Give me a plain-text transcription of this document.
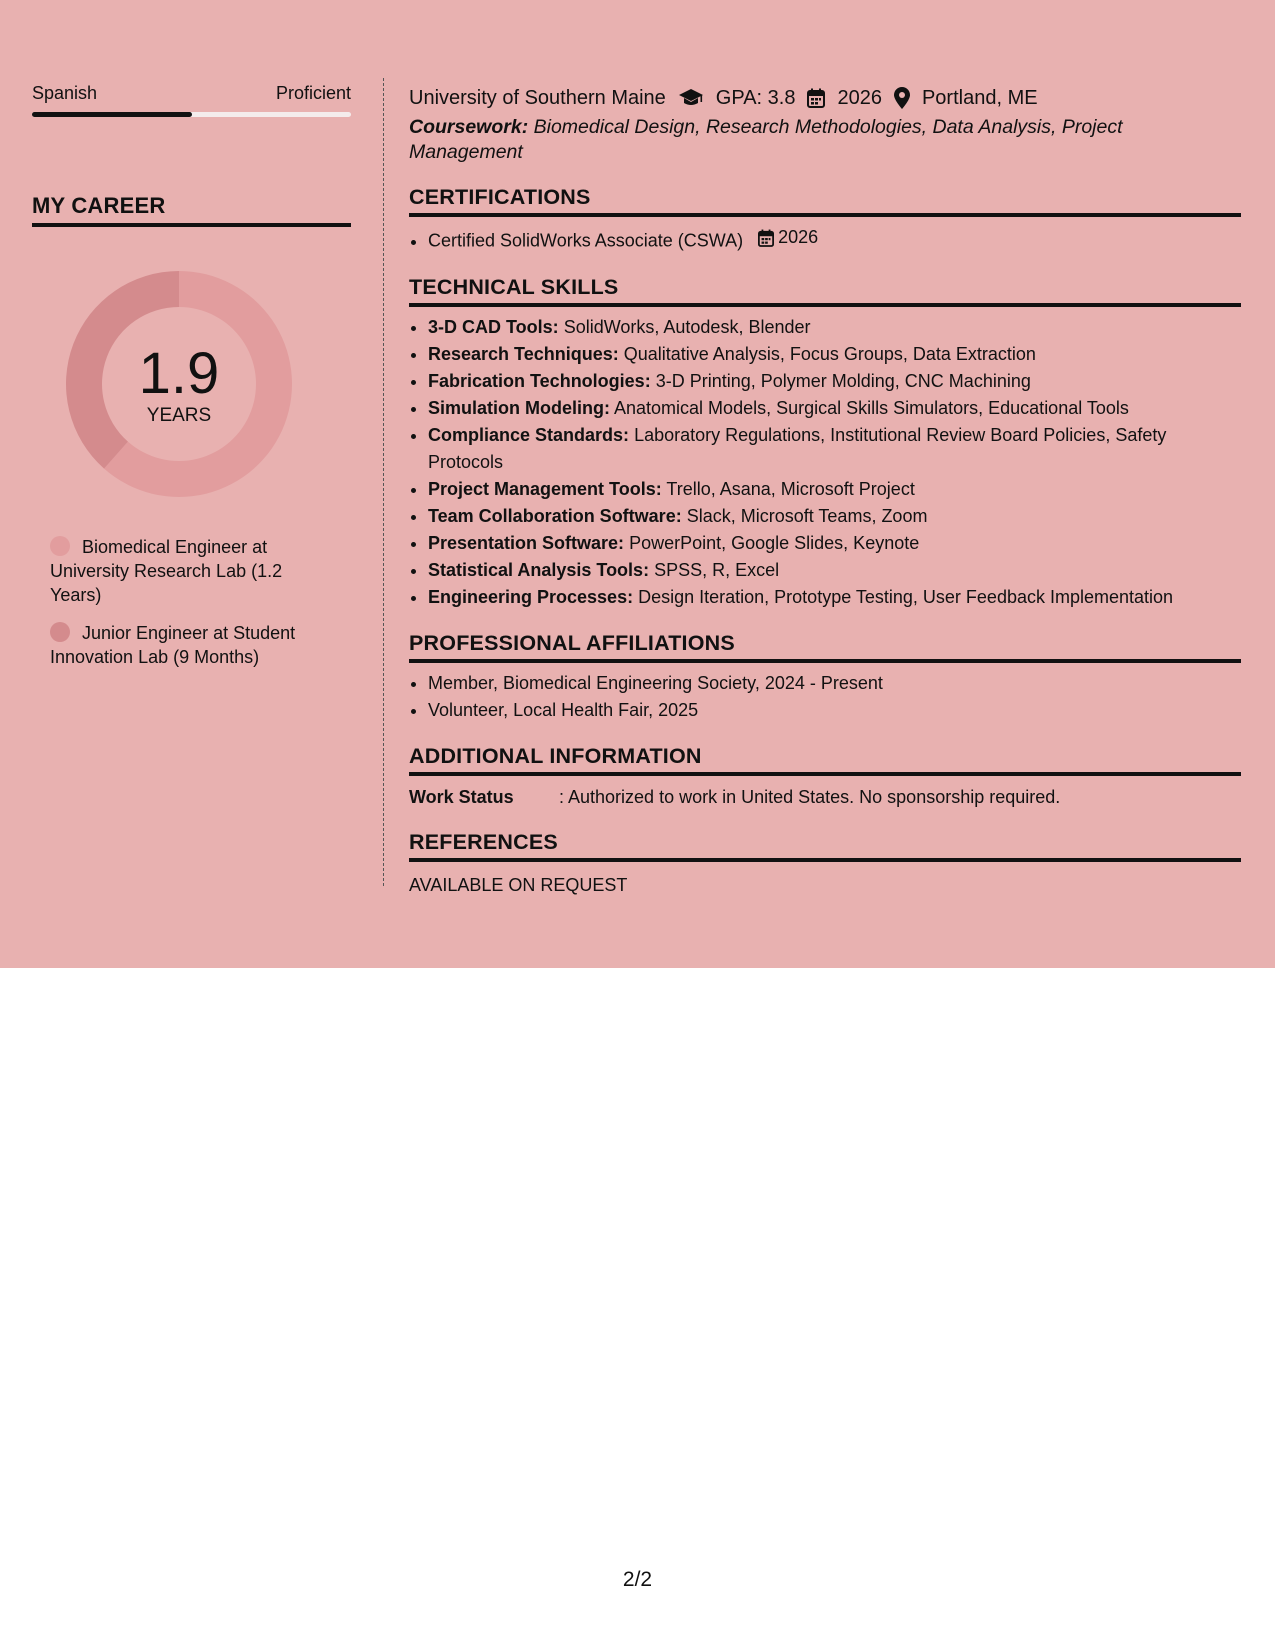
Spanish	Proficient
MY CAREER
1.9
YEARS
Biomedical Engineer at University Research Lab (1.2 Years)
Junior Engineer at Student Innovation Lab (9 Months)
University of Southern Maine	GPA: 3.8 2026 Portland, ME
Coursework: Biomedical Design, Research Methodologies, Data Analysis, Project Management
CERTIFICATIONS
• Certified SolidWorks Associate (CSWA) 2026
TECHNICAL SKILLS
• 3-D CAD Tools: SolidWorks, Autodesk, Blender
• Research Techniques: Qualitative Analysis, Focus Groups, Data Extraction
• Fabrication Technologies: 3-D Printing, Polymer Molding, CNC Machining
• Simulation Modeling: Anatomical Models, Surgical Skills Simulators, Educational Tools
• Compliance Standards: Laboratory Regulations, Institutional Review Board Policies, Safety Protocols
• Project Management Tools: Trello, Asana, Microsoft Project
• Team Collaboration Software: Slack, Microsoft Teams, Zoom
• Presentation Software: PowerPoint, Google Slides, Keynote
• Statistical Analysis Tools: SPSS, R, Excel
• Engineering Processes: Design Iteration, Prototype Testing, User Feedback Implementation
PROFESSIONAL AFFILIATIONS
• Member, Biomedical Engineering Society, 2024 - Present
• Volunteer, Local Health Fair, 2025
ADDITIONAL INFORMATION
Work Status	: Authorized to work in United States. No sponsorship required.
REFERENCES
AVAILABLE ON REQUEST
2/2
